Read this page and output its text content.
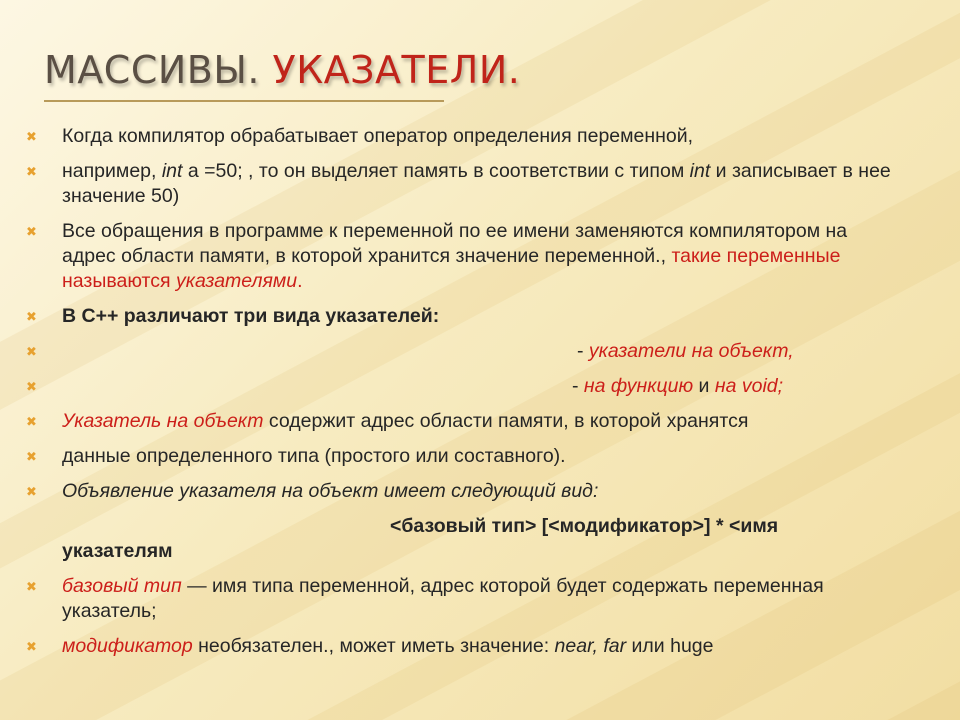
МАССИВЫ. УКАЗАТЕЛИ.
✖ Когда компилятор обрабатывает оператор определения переменной,
✖ например, int a =50; , то он выделяет память в соответствии с типом int и записывает в нее значение 50)
✖ Все обращения в программе к переменной по ее имени заменяются компилятором на адрес области памяти, в которой хранится значение переменной., такие переменные называются указателями.
✖ В C++ различают три вида указателей:
✖	- указатели на объект,
✖	- на функцию и на void;
✖ Указатель на объект содержит адрес области памяти, в которой хранятся
✖ данные определенного типа (простого или составного).
✖ Объявление указателя на объект имеет следующий вид:
<базовый тип> [<модификатор>] * <имя
указателям
✖ базовый тип — имя типа переменной, адрес которой будет содержать переменная указатель;
✖ модификатор необязателен., может иметь значение: near, far или huge
